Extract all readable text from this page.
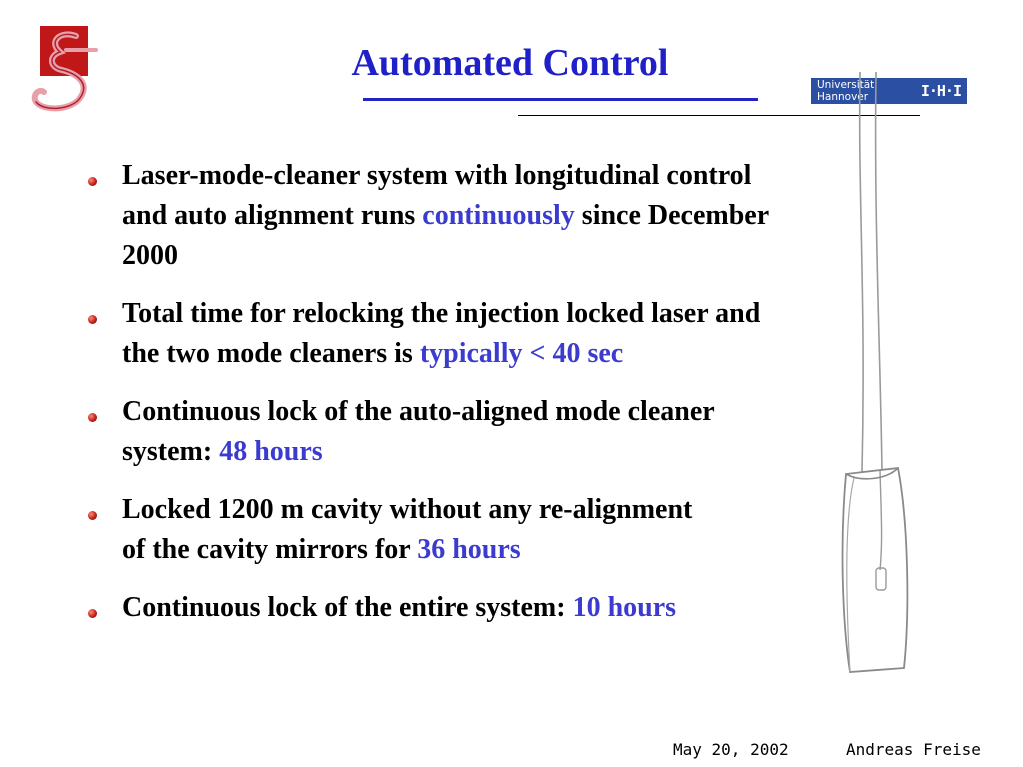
Automated Control
Universität Hannover	I·H·I
Laser-mode-cleaner system with longitudinal control
and auto alignment runs continuously since December
2000
Total time for relocking the injection locked laser and
the two mode cleaners is typically < 40 sec
Continuous lock of the auto-aligned mode cleaner
system: 48 hours
Locked 1200 m cavity without any re-alignment
of the cavity mirrors for 36 hours
Continuous lock of the entire system: 10 hours
May 20, 2002	Andreas Freise
